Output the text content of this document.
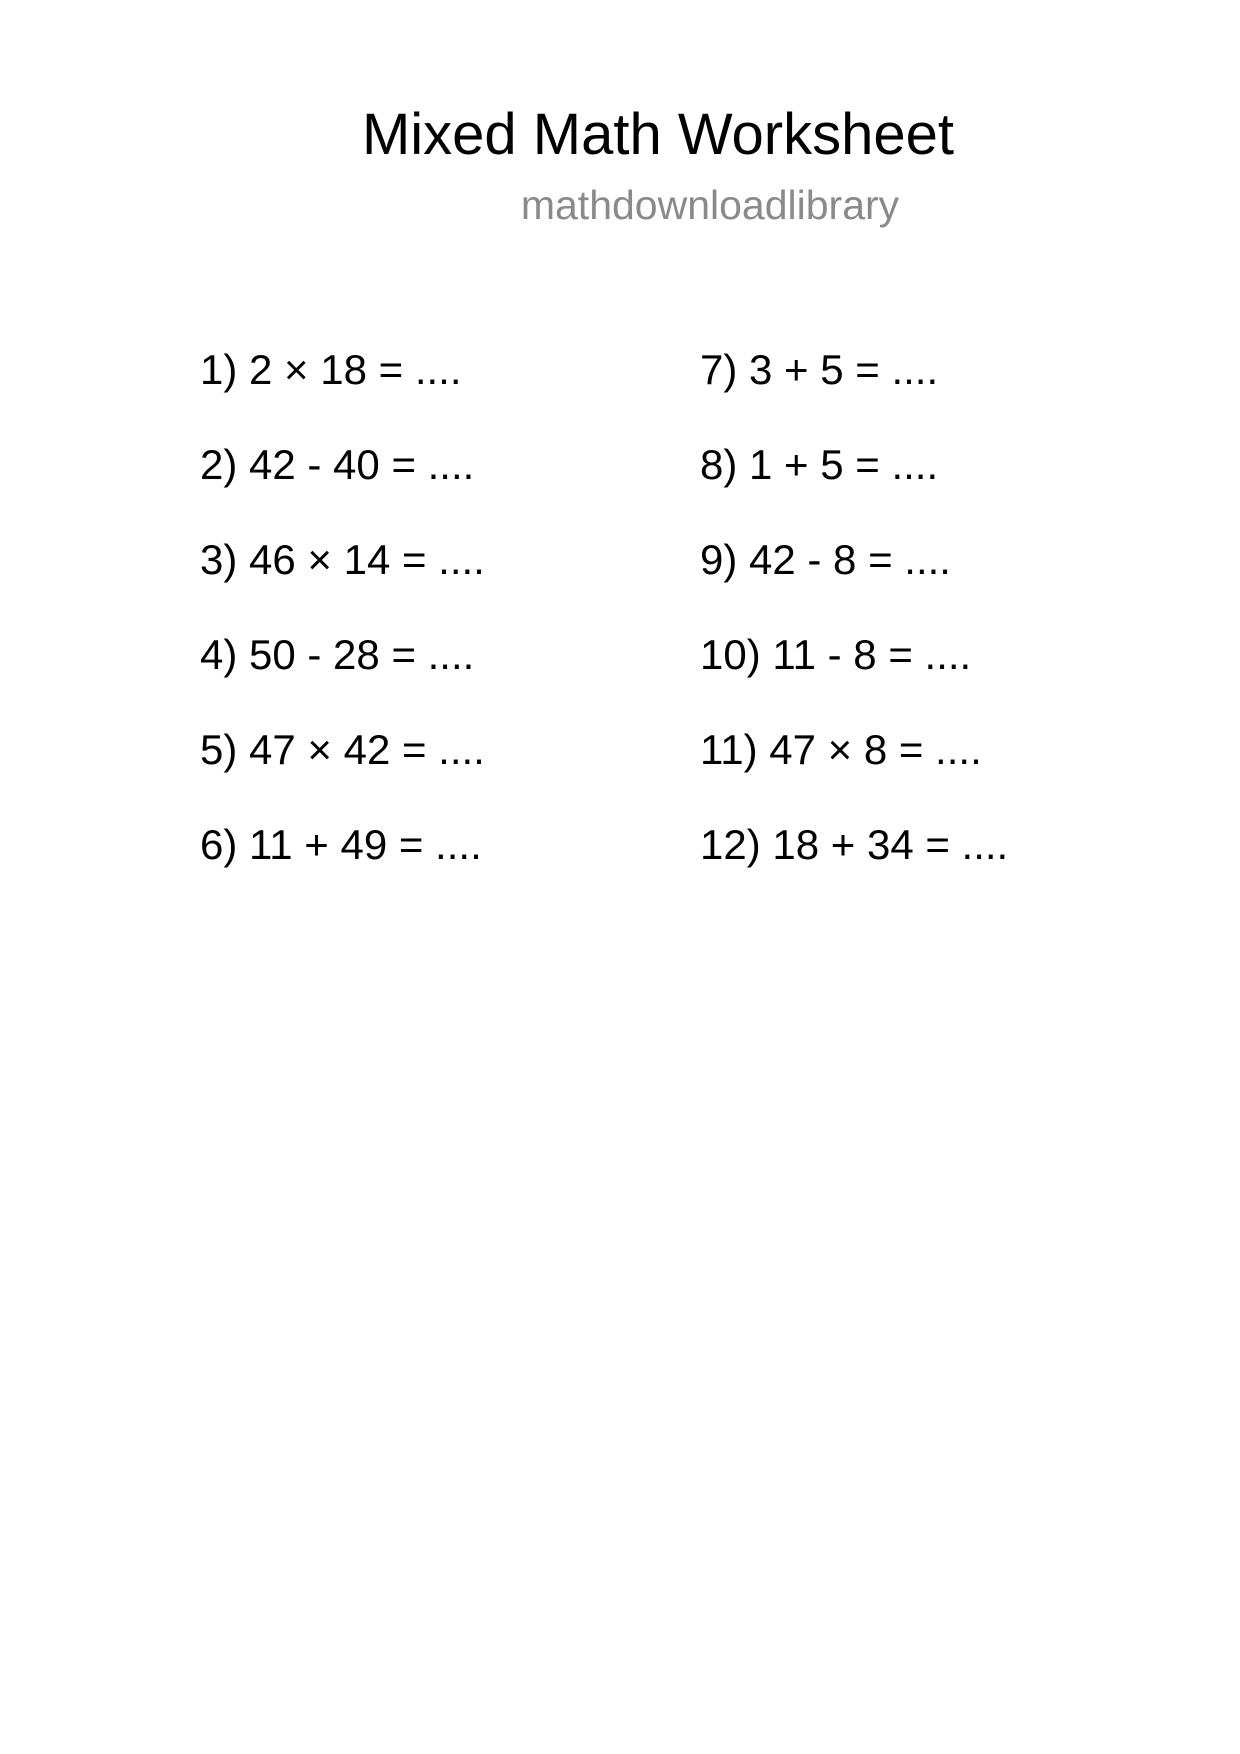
Mixed Math Worksheet
mathdownloadlibrary
1) 2 × 18 = ....
2) 42 - 40 = ....
3) 46 × 14 = ....
4) 50 - 28 = ....
5) 47 × 42 = ....
6) 11 + 49 = ....
7) 3 + 5 = ....
8) 1 + 5 = ....
9) 42 - 8 = ....
10) 11 - 8 = ....
11) 47 × 8 = ....
12) 18 + 34 = ....
